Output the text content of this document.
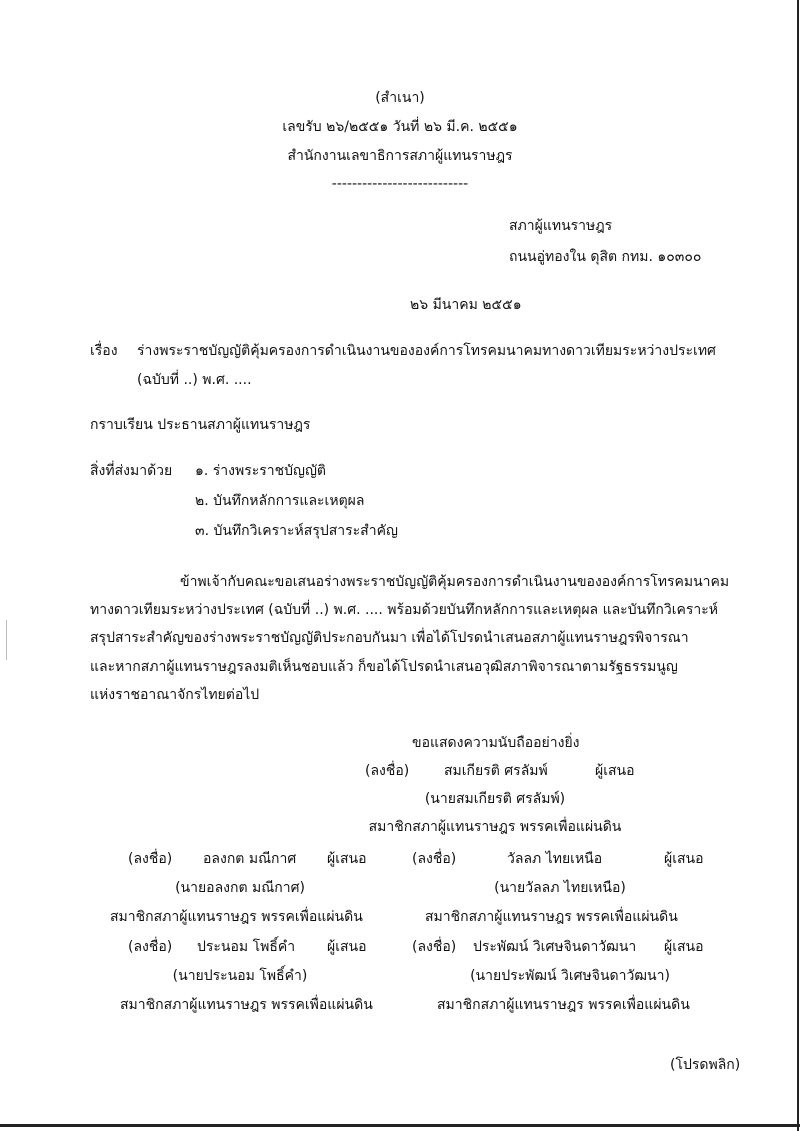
(สำเนา)
เลขรับ ๒๖/๒๕๕๑ วันที่ ๒๖ มี.ค. ๒๕๕๑
สำนักงานเลขาธิการสภาผู้แทนราษฎร
---------------------------
สภาผู้แทนราษฎร
ถนนอู่ทองใน ดุสิต กทม. ๑๐๓๐๐
๒๖ มีนาคม ๒๕๕๑
เรื่อง ร่างพระราชบัญญัติคุ้มครองการดำเนินงานขององค์การโทรคมนาคมทางดาวเทียมระหว่างประเทศ
(ฉบับที่ ..) พ.ศ. ....
กราบเรียน ประธานสภาผู้แทนราษฎร
สิ่งที่ส่งมาด้วย ๑. ร่างพระราชบัญญัติ
๒. บันทึกหลักการและเหตุผล
๓. บันทึกวิเคราะห์สรุปสาระสำคัญ
ข้าพเจ้ากับคณะขอเสนอร่างพระราชบัญญัติคุ้มครองการดำเนินงานขององค์การโทรคมนาคม
ทางดาวเทียมระหว่างประเทศ (ฉบับที่ ..) พ.ศ. .... พร้อมด้วยบันทึกหลักการและเหตุผล และบันทึกวิเคราะห์
สรุปสาระสำคัญของร่างพระราชบัญญัติประกอบกันมา เพื่อได้โปรดนำเสนอสภาผู้แทนราษฎรพิจารณา
และหากสภาผู้แทนราษฎรลงมติเห็นชอบแล้ว ก็ขอได้โปรดนำเสนอวุฒิสภาพิจารณาตามรัฐธรรมนูญ
แห่งราชอาณาจักรไทยต่อไป
ขอแสดงความนับถืออย่างยิ่ง
(ลงชื่อ) สมเกียรติ ศรลัมพ์	ผู้เสนอ
(นายสมเกียรติ ศรลัมพ์)
สมาชิกสภาผู้แทนราษฎร พรรคเพื่อแผ่นดิน
(ลงชื่อ) อลงกต มณีกาศ ผู้เสนอ	(ลงชื่อ)	วัลลภ ไทยเหนือ	ผู้เสนอ
(นายอลงกต มณีกาศ)	(นายวัลลภ ไทยเหนือ)
สมาชิกสภาผู้แทนราษฎร พรรคเพื่อแผ่นดิน	สมาชิกสภาผู้แทนราษฎร พรรคเพื่อแผ่นดิน
(ลงชื่อ) ประนอม โพธิ์คำ ผู้เสนอ	(ลงชื่อ) ประพัฒน์ วิเศษจินดาวัฒนา ผู้เสนอ
(นายประนอม โพธิ์คำ)	(นายประพัฒน์ วิเศษจินดาวัฒนา)
สมาชิกสภาผู้แทนราษฎร พรรคเพื่อแผ่นดิน	สมาชิกสภาผู้แทนราษฎร พรรคเพื่อแผ่นดิน
(โปรดพลิก)
